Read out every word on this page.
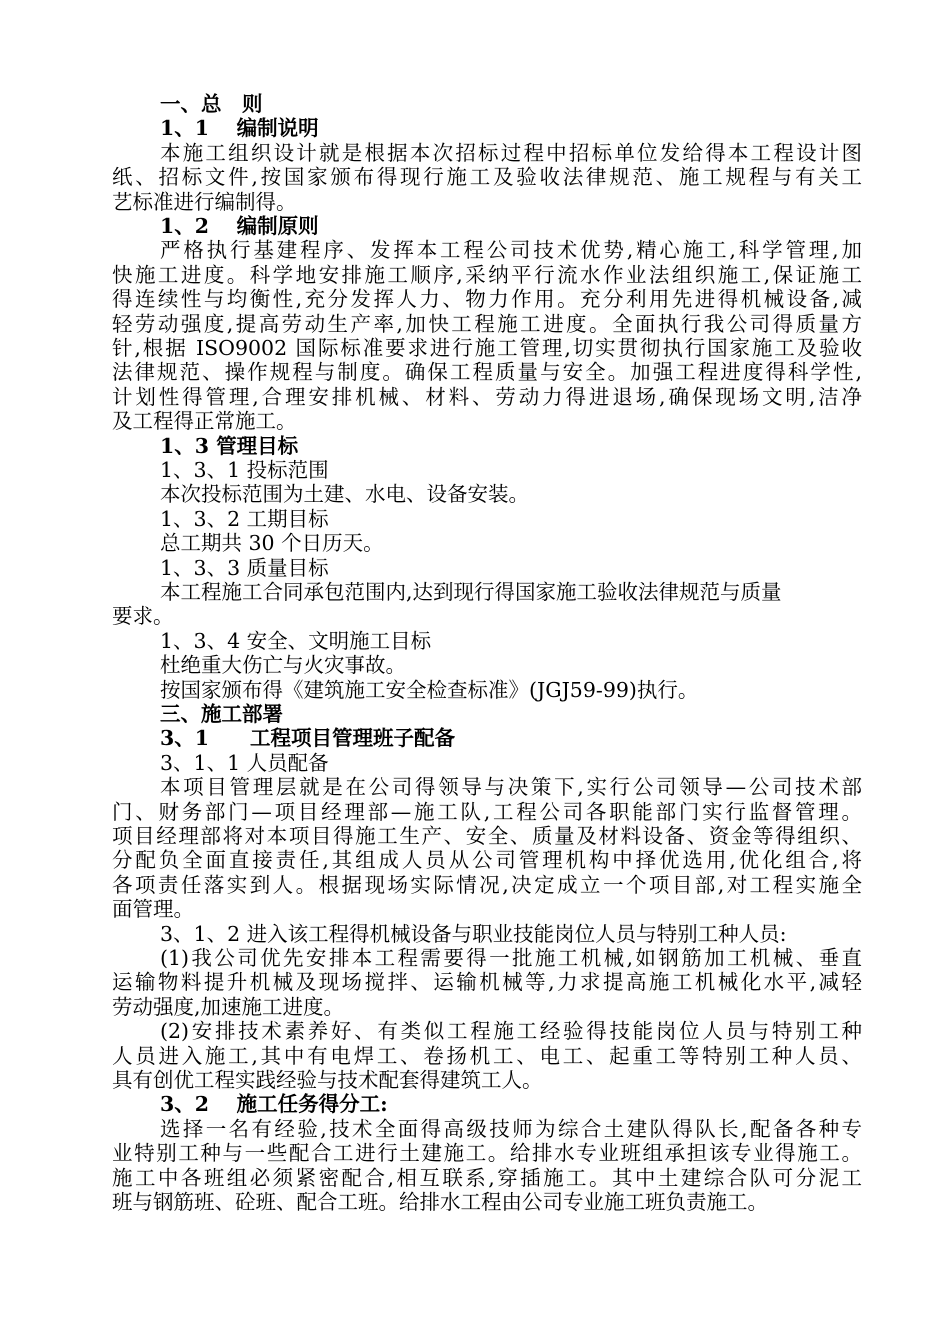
一、总　则
1、1　 编制说明
本施工组织设计就是根据本次招标过程中招标单位发给得本工程设计图
纸、招标文件,按国家颁布得现行施工及验收法律规范、施工规程与有关工
艺标准进行编制得。
1、2　 编制原则
严格执行基建程序、发挥本工程公司技术优势,精心施工,科学管理,加
快施工进度。科学地安排施工顺序,采纳平行流水作业法组织施工,保证施工
得连续性与均衡性,充分发挥人力、物力作用。充分利用先进得机械设备,减
轻劳动强度,提高劳动生产率,加快工程施工进度。全面执行我公司得质量方
针,根据 ISO9002 国际标准要求进行施工管理,切实贯彻执行国家施工及验收
法律规范、操作规程与制度。确保工程质量与安全。加强工程进度得科学性,
计划性得管理,合理安排机械、材料、劳动力得进退场,确保现场文明,洁净
及工程得正常施工。
1、3 管理目标
1、3、1 投标范围
本次投标范围为土建、水电、设备安装。
1、3、2 工期目标
总工期共 30 个日历天。
1、3、3 质量目标
本工程施工合同承包范围内,达到现行得国家施工验收法律规范与质量
要求。
1、3、4 安全、文明施工目标
杜绝重大伤亡与火灾事故。
按国家颁布得《建筑施工安全检查标准》(JGJ59-99)执行。
三、施工部署
3、1　　工程项目管理班子配备
3、1、1 人员配备
本项目管理层就是在公司得领导与决策下,实行公司领导—公司技术部
门、财务部门—项目经理部—施工队,工程公司各职能部门实行监督管理。
项目经理部将对本项目得施工生产、安全、质量及材料设备、资金等得组织、
分配负全面直接责任,其组成人员从公司管理机构中择优选用,优化组合,将
各项责任落实到人。根据现场实际情况,决定成立一个项目部,对工程实施全
面管理。
3、1、2 进入该工程得机械设备与职业技能岗位人员与特别工种人员:
(1)我公司优先安排本工程需要得一批施工机械,如钢筋加工机械、垂直
运输物料提升机械及现场搅拌、运输机械等,力求提高施工机械化水平,减轻
劳动强度,加速施工进度。
(2)安排技术素养好、有类似工程施工经验得技能岗位人员与特别工种
人员进入施工,其中有电焊工、卷扬机工、电工、起重工等特别工种人员、
具有创优工程实践经验与技术配套得建筑工人。
3、2　 施工任务得分工:
选择一名有经验,技术全面得高级技师为综合土建队得队长,配备各种专
业特别工种与一些配合工进行土建施工。给排水专业班组承担该专业得施工。
施工中各班组必须紧密配合,相互联系,穿插施工。其中土建综合队可分泥工
班与钢筋班、砼班、配合工班。给排水工程由公司专业施工班负责施工。
